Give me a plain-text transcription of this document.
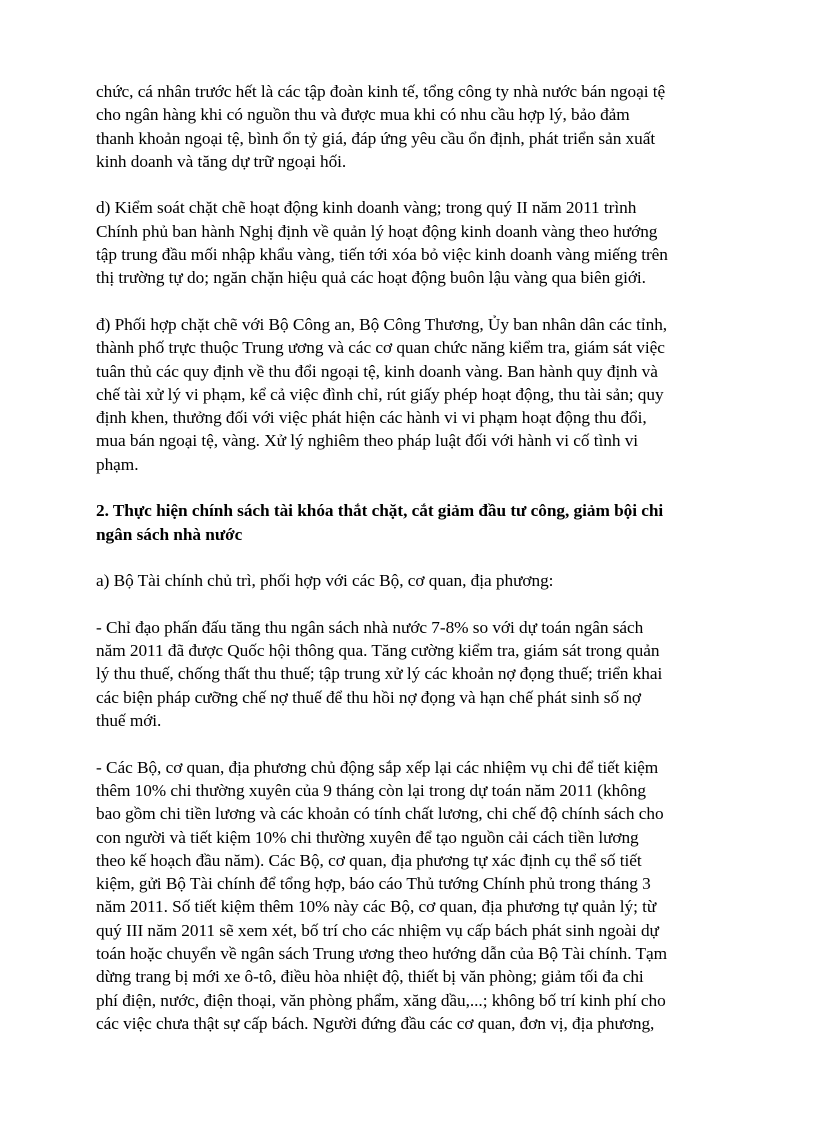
chức, cá nhân trước hết là các tập đoàn kinh tế, tổng công ty nhà nước bán ngoại tệ
cho ngân hàng khi có nguồn thu và được mua khi có nhu cầu hợp lý, bảo đảm
thanh khoản ngoại tệ, bình ổn tỷ giá, đáp ứng yêu cầu ổn định, phát triển sản xuất
kinh doanh và tăng dự trữ ngoại hối.

d) Kiểm soát chặt chẽ hoạt động kinh doanh vàng; trong quý II năm 2011 trình
Chính phủ ban hành Nghị định về quản lý hoạt động kinh doanh vàng theo hướng
tập trung đầu mối nhập khẩu vàng, tiến tới xóa bỏ việc kinh doanh vàng miếng trên
thị trường tự do; ngăn chặn hiệu quả các hoạt động buôn lậu vàng qua biên giới.

đ) Phối hợp chặt chẽ với Bộ Công an, Bộ Công Thương, Ủy ban nhân dân các tỉnh,
thành phố trực thuộc Trung ương và các cơ quan chức năng kiểm tra, giám sát việc
tuân thủ các quy định về thu đổi ngoại tệ, kinh doanh vàng. Ban hành quy định và
chế tài xử lý vi phạm, kể cả việc đình chỉ, rút giấy phép hoạt động, thu tài sản; quy
định khen, thưởng đối với việc phát hiện các hành vi vi phạm hoạt động thu đổi,
mua bán ngoại tệ, vàng. Xử lý nghiêm theo pháp luật đối với hành vi cố tình vi
phạm.

2. Thực hiện chính sách tài khóa thắt chặt, cắt giảm đầu tư công, giảm bội chi
ngân sách nhà nước

a) Bộ Tài chính chủ trì, phối hợp với các Bộ, cơ quan, địa phương:

- Chỉ đạo phấn đấu tăng thu ngân sách nhà nước 7-8% so với dự toán ngân sách
năm 2011 đã được Quốc hội thông qua. Tăng cường kiểm tra, giám sát trong quản
lý thu thuế, chống thất thu thuế; tập trung xử lý các khoản nợ đọng thuế; triển khai
các biện pháp cưỡng chế nợ thuế để thu hồi nợ đọng và hạn chế phát sinh số nợ
thuế mới.

- Các Bộ, cơ quan, địa phương chủ động sắp xếp lại các nhiệm vụ chi để tiết kiệm
thêm 10% chi thường xuyên của 9 tháng còn lại trong dự toán năm 2011 (không
bao gồm chi tiền lương và các khoản có tính chất lương, chi chế độ chính sách cho
con người và tiết kiệm 10% chi thường xuyên để tạo nguồn cải cách tiền lương
theo kế hoạch đầu năm). Các Bộ, cơ quan, địa phương tự xác định cụ thể số tiết
kiệm, gửi Bộ Tài chính để tổng hợp, báo cáo Thủ tướng Chính phủ trong tháng 3
năm 2011. Số tiết kiệm thêm 10% này các Bộ, cơ quan, địa phương tự quản lý; từ
quý III năm 2011 sẽ xem xét, bố trí cho các nhiệm vụ cấp bách phát sinh ngoài dự
toán hoặc chuyển về ngân sách Trung ương theo hướng dẫn của Bộ Tài chính. Tạm
dừng trang bị mới xe ô-tô, điều hòa nhiệt độ, thiết bị văn phòng; giảm tối đa chi
phí điện, nước, điện thoại, văn phòng phẩm, xăng dầu,...; không bố trí kinh phí cho
các việc chưa thật sự cấp bách. Người đứng đầu các cơ quan, đơn vị, địa phương,
